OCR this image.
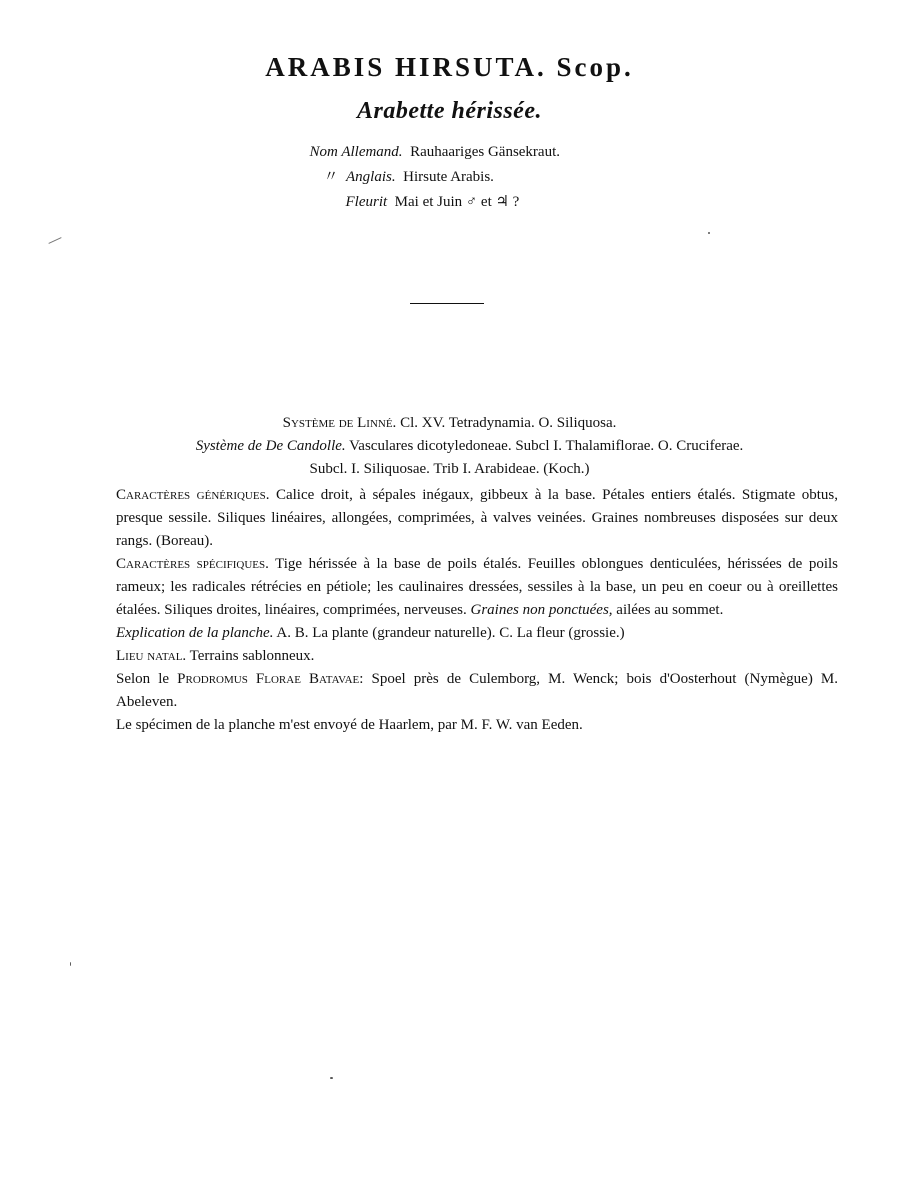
ARABIS HIRSUTA. Scop.
Arabette hérissée.
Nom Allemand. Rauhaariges Gänsekraut.
〃 Anglais. Hirsute Arabis.
Fleurit Mai et Juin ♂ et ♃ ?
Système de Linné. Cl. XV. Tetradynamia. O. Siliquosa.
Système de De Candolle. Vasculares dicotyledoneae. Subcl I. Thalamiflorae. O. Cruciferae.
Subcl. I. Siliquosae. Trib I. Arabideae. (Koch.)

Caractères génériques. Calice droit, à sépales inégaux, gibbeux à la base. Pétales entiers étalés. Stigmate obtus, presque sessile. Siliques linéaires, allongées, comprimées, à valves veinées. Graines nombreuses disposées sur deux rangs. (Boreau).

Caractères spécifiques. Tige hérissée à la base de poils étalés. Feuilles oblongues denticulées, hérissées de poils rameux; les radicales rétrécies en pétiole; les caulinaires dressées, sessiles à la base, un peu en coeur ou à oreillettes étalées. Siliques droites, linéaires, comprimées, nerveuses. Graines non ponctuées, ailées au sommet.

Explication de la planche. A. B. La plante (grandeur naturelle). C. La fleur (grossie.)

Lieu natal. Terrains sablonneux.

Selon le Prodromus Florae Batavae: Spoel près de Culemborg, M. Wenck; bois d'Oosterhout (Nymègue) M. Abeleven.

Le spécimen de la planche m'est envoyé de Haarlem, par M. F. W. van Eeden.
